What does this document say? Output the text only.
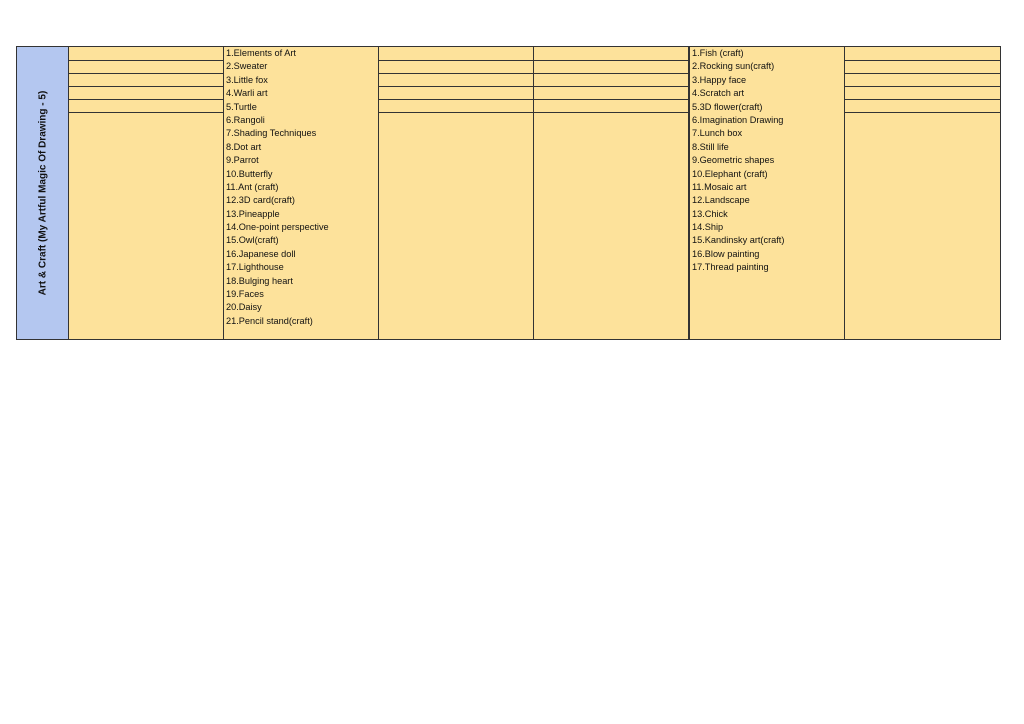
Art & Craft (My Artful Magic Of Drawing - 5)
1.Elements of Art
2.Sweater
3.Little fox
4.Warli art
5.Turtle
6.Rangoli
7.Shading Techniques
8.Dot art
9.Parrot
10.Butterfly
11.Ant (craft)
12.3D card(craft)
13.Pineapple
14.One-point perspective
15.Owl(craft)
16.Japanese doll
17.Lighthouse
18.Bulging heart
19.Faces
20.Daisy
21.Pencil stand(craft)
1.Fish (craft)
2.Rocking sun(craft)
3.Happy face
4.Scratch art
5.3D flower(craft)
6.Imagination Drawing
7.Lunch box
8.Still life
9.Geometric shapes
10.Elephant (craft)
11.Mosaic art
12.Landscape
13.Chick
14.Ship
15.Kandinsky art(craft)
16.Blow painting
17.Thread painting
